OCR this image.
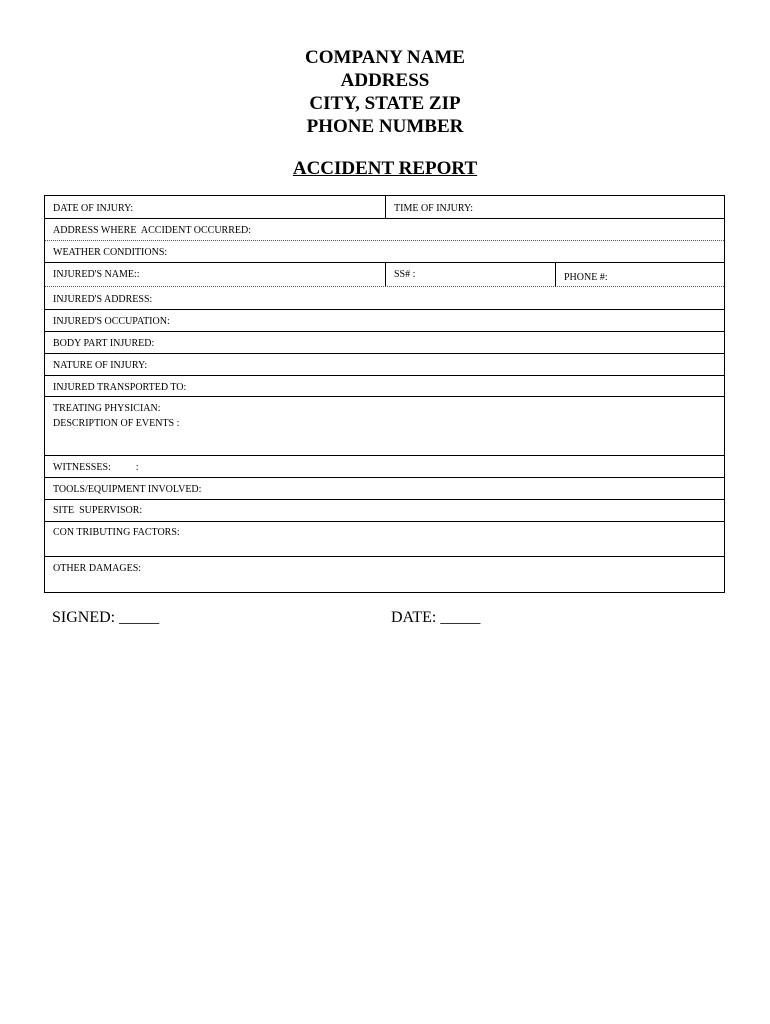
COMPANY NAME
ADDRESS
CITY, STATE ZIP
PHONE NUMBER
ACCIDENT REPORT
DATE OF INJURY:	TIME OF INJURY:
ADDRESS WHERE  ACCIDENT OCCURRED:
WEATHER CONDITIONS:
INJURED'S NAME::	SS# :	PHONE #:
INJURED'S ADDRESS:
INJURED'S OCCUPATION:
BODY PART INJURED:
NATURE OF INJURY:
INJURED TRANSPORTED TO:
TREATING PHYSICIAN:
DESCRIPTION OF EVENTS :
WITNESSES:          :
TOOLS/EQUIPMENT INVOLVED:
SITE  SUPERVISOR:
CON TRIBUTING FACTORS:
OTHER DAMAGES:
SIGNED: _____	DATE: _____
